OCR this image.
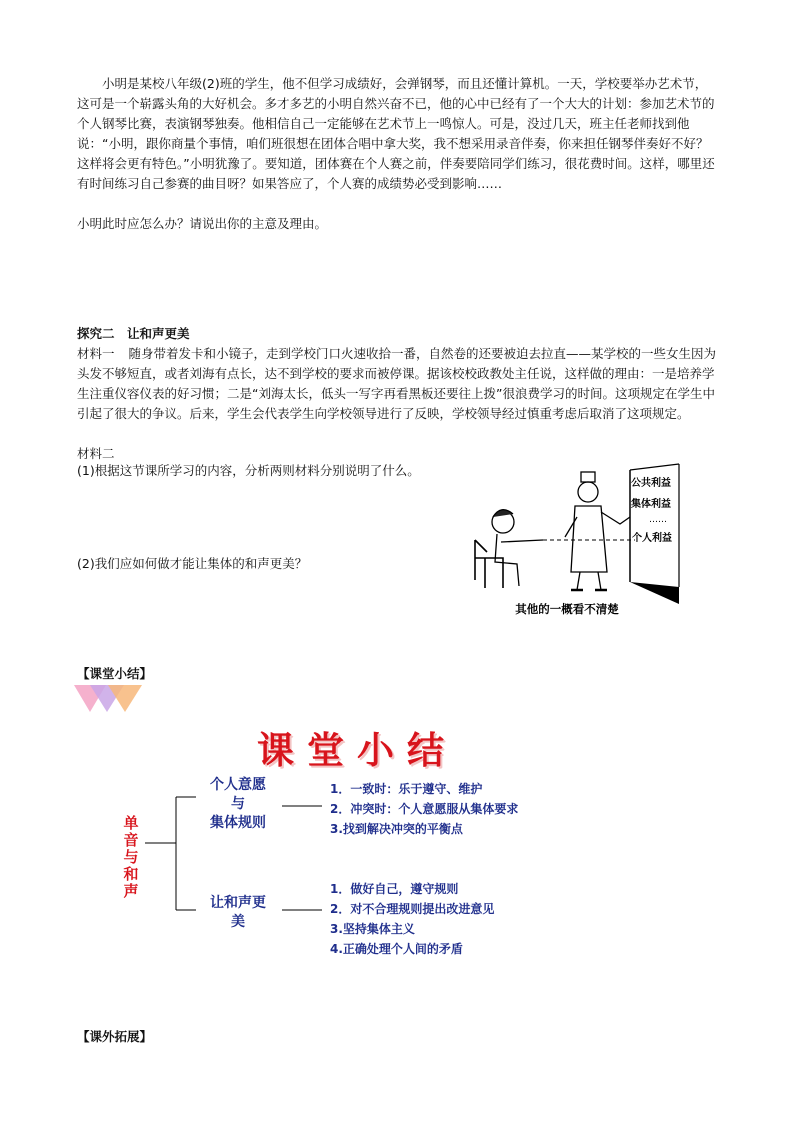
小明是某校八年级(2)班的学生，他不但学习成绩好，会弹钢琴，而且还懂计算机。一天，学校要举办艺术节，这可是一个崭露头角的大好机会。多才多艺的小明自然兴奋不已，他的心中已经有了一个大大的计划：参加艺术节的个人钢琴比赛，表演钢琴独奏。他相信自己一定能够在艺术节上一鸣惊人。可是，没过几天，班主任老师找到他说：“小明，跟你商量个事情，咱们班很想在团体合唱中拿大奖，我不想采用录音伴奏，你来担任钢琴伴奏好不好？这样将会更有特色。”小明犹豫了。要知道，团体赛在个人赛之前，伴奏要陪同学们练习，很花费时间。这样，哪里还有时间练习自己参赛的曲目呀？如果答应了，个人赛的成绩势必受到影响……
小明此时应怎么办？请说出你的主意及理由。
探究二　让和声更美
材料一 随身带着发卡和小镜子，走到学校门口火速收拾一番，自然卷的还要被迫去拉直——某学校的一些女生因为头发不够短直，或者刘海有点长，达不到学校的要求而被停课。据该校校政教处主任说，这样做的理由：一是培养学生注重仪容仪表的好习惯；二是“刘海太长，低头一写字再看黑板还要往上拨”很浪费学习的时间。这项规定在学生中引起了很大的争议。后来，学生会代表学生向学校领导进行了反映，学校领导经过慎重考虑后取消了这项规定。
材料二
(1)根据这节课所学习的内容，分析两则材料分别说明了什么。
(2)我们应如何做才能让集体的和声更美？
公共利益
集体利益
……
个人利益
其他的一概看不清楚
【课堂小结】
课堂小结
单
音
与
和
声
个人意愿
与
集体规则
1．一致时：乐于遵守、维护
2．冲突时：个人意愿服从集体要求
3.找到解决冲突的平衡点
让和声更
美
1．做好自己，遵守规则
2．对不合理规则提出改进意见
3.坚持集体主义
4.正确处理个人间的矛盾
【课外拓展】
